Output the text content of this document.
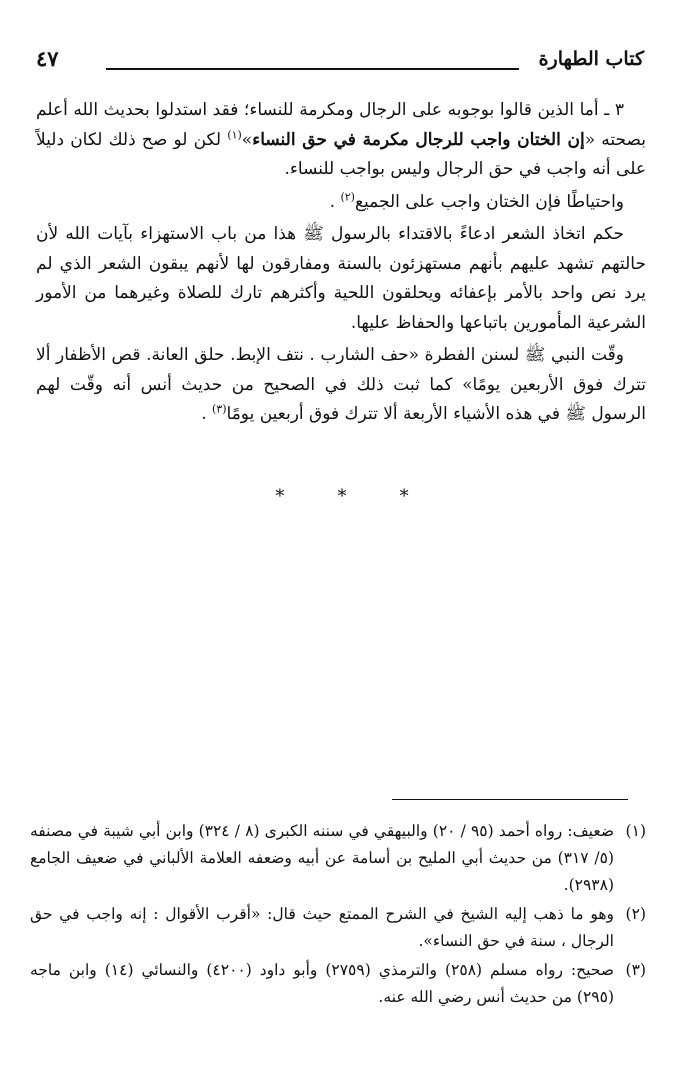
كتاب الطهارة
٤٧

٣ ـ أما الذين قالوا بوجوبه على الرجال ومكرمة للنساء؛ فقد استدلوا بحديث الله أعلم بصحته «إن الختان واجب للرجال مكرمة في حق النساء»$^{(١)}$ لكن لو صح ذلك لكان دليلاً على أنه واجب في حق الرجال وليس بواجب للنساء.

واحتياطًا فإن الختان واجب على الجميع$^{(٢)}$ .

حكم اتخاذ الشعر ادعاءً بالاقتداء بالرسول ﷺ هذا من باب الاستهزاء بآيات الله لأن حالتهم تشهد عليهم بأنهم مستهزئون بالسنة ومفارقون لها لأنهم يبقون الشعر الذي لم يرد نص واحد بالأمر بإعفائه ويحلقون اللحية وأكثرهم تارك للصلاة وغيرهما من الأمور الشرعية المأمورين باتباعها والحفاظ عليها.

وقّت النبي ﷺ لسنن الفطرة «حف الشارب . نتف الإبط. حلق العانة. قص الأظفار ألا تترك فوق الأربعين يومًا» كما ثبت ذلك في الصحيح من حديث أنس أنه وقّت لهم الرسول ﷺ في هذه الأشياء الأربعة ألا تترك فوق أربعين يومًا$^{(٣)}$ .

*	*	*
(١)
ضعيف: رواه أحمد (٩٥ / ٢٠) والبيهقي في سننه الكبرى (٨ / ٣٢٤) وابن أبي شيبة في مصنفه (٥/ ٣١٧) من حديث أبي المليح بن أسامة عن أبيه وضعفه العلامة الألباني في ضعيف الجامع (٢٩٣٨).
(٢)
وهو ما ذهب إليه الشيخ في الشرح الممتع حيث قال: «أقرب الأقوال : إنه واجب في حق الرجال ، سنة في حق النساء».
(٣)
صحيح: رواه مسلم (٢٥٨) والترمذي (٢٧٥٩) وأبو داود (٤٢٠٠) والنسائي (١٤) وابن ماجه (٢٩٥) من حديث أنس رضي الله عنه.
